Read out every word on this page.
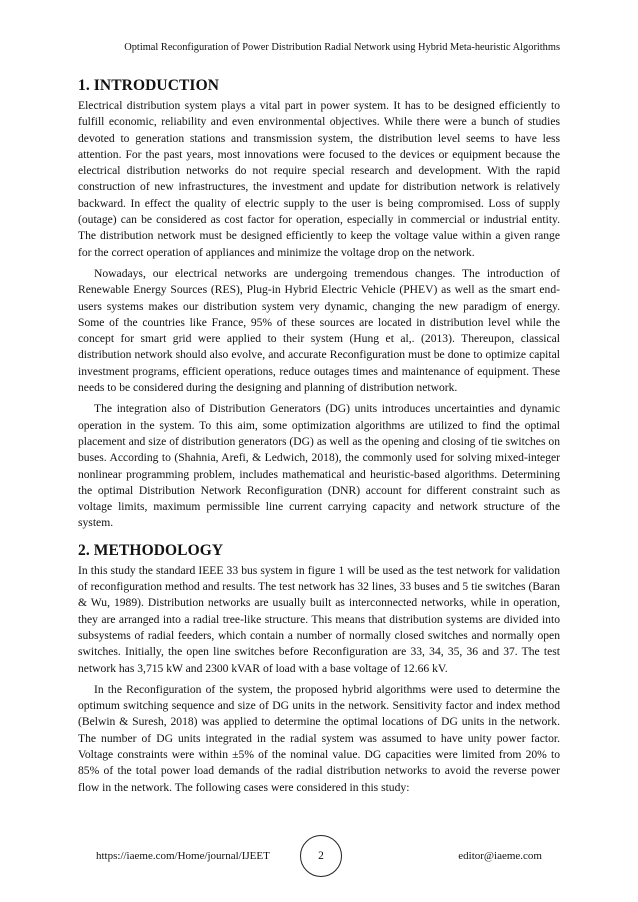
Optimal Reconfiguration of Power Distribution Radial Network using Hybrid Meta-heuristic Algorithms
1. INTRODUCTION

Electrical distribution system plays a vital part in power system. It has to be designed efficiently to fulfill economic, reliability and even environmental objectives. While there were a bunch of studies devoted to generation stations and transmission system, the distribution level seems to have less attention. For the past years, most innovations were focused to the devices or equipment because the electrical distribution networks do not require special research and development. With the rapid construction of new infrastructures, the investment and update for distribution network is relatively backward. In effect the quality of electric supply to the user is being compromised. Loss of supply (outage) can be considered as cost factor for operation, especially in commercial or industrial entity. The distribution network must be designed efficiently to keep the voltage value within a given range for the correct operation of appliances and minimize the voltage drop on the network.

Nowadays, our electrical networks are undergoing tremendous changes. The introduction of Renewable Energy Sources (RES), Plug-in Hybrid Electric Vehicle (PHEV) as well as the smart end-users systems makes our distribution system very dynamic, changing the new paradigm of energy. Some of the countries like France, 95% of these sources are located in distribution level while the concept for smart grid were applied to their system (Hung et al,. (2013). Thereupon, classical distribution network should also evolve, and accurate Reconfiguration must be done to optimize capital investment programs, efficient operations, reduce outages times and maintenance of equipment. These needs to be considered during the designing and planning of distribution network.

The integration also of Distribution Generators (DG) units introduces uncertainties and dynamic operation in the system. To this aim, some optimization algorithms are utilized to find the optimal placement and size of distribution generators (DG) as well as the opening and closing of tie switches on buses. According to (Shahnia, Arefi, & Ledwich, 2018), the commonly used for solving mixed-integer nonlinear programming problem, includes mathematical and heuristic-based algorithms. Determining the optimal Distribution Network Reconfiguration (DNR) account for different constraint such as voltage limits, maximum permissible line current carrying capacity and network structure of the system.

2. METHODOLOGY

In this study the standard IEEE 33 bus system in figure 1 will be used as the test network for validation of reconfiguration method and results. The test network has 32 lines, 33 buses and 5 tie switches (Baran & Wu, 1989). Distribution networks are usually built as interconnected networks, while in operation, they are arranged into a radial tree-like structure. This means that distribution systems are divided into subsystems of radial feeders, which contain a number of normally closed switches and normally open switches. Initially, the open line switches before Reconfiguration are 33, 34, 35, 36 and 37. The test network has 3,715 kW and 2300 kVAR of load with a base voltage of 12.66 kV.

In the Reconfiguration of the system, the proposed hybrid algorithms were used to determine the optimum switching sequence and size of DG units in the network. Sensitivity factor and index method (Belwin & Suresh, 2018) was applied to determine the optimal locations of DG units in the network. The number of DG units integrated in the radial system was assumed to have unity power factor. Voltage constraints were within ±5% of the nominal value. DG capacities were limited from 20% to 85% of the total power load demands of the radial distribution networks to avoid the reverse power flow in the network. The following cases were considered in this study:

https://iaeme.com/Home/journal/IJEET	2	editor@iaeme.com
